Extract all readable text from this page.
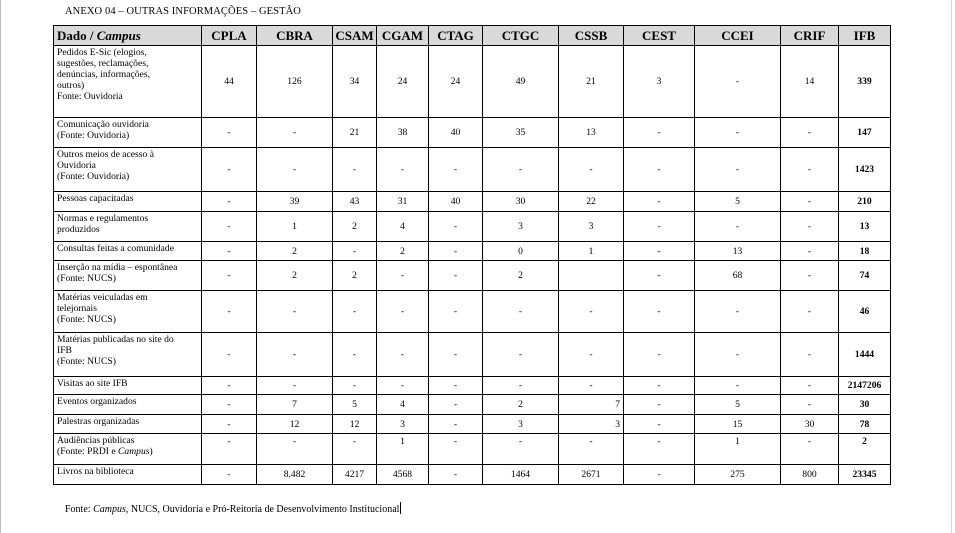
ANEXO 04 – OUTRAS INFORMAÇÕES – GESTÃO
Dado / Campus	CPLA	CBRA	CSAM	CGAM	CTAG	CTGC	CSSB	CEST	CCEI	CRIF	IFB

Pedidos E-Sic (elogios,
sugestões, reclamações,
denúncias, informações,
outros)
Fonte: Ouvidoria	44	126	34	24	24	49	21	3	-	14	339

Comunicação ouvidoria
(Fonte: Ouvidoria)	-	-	21	38	40	35	13	-	-	-	147

Outros meios de acesso à
Ouvidoria
(Fonte: Ouvidoria)	-	-	-	-	-	-	-	-	-	-	1423

Pessoas capacitadas	-	39	43	31	40	30	22	-	5	-	210

Normas e regulamentos
produzidos	-	1	2	4	-	3	3	-	-	-	13

Consultas feitas a comunidade	-	2	-	2	-	0	1	-	13	-	18

Inserção na mídia – espontânea
(Fonte: NUCS)	-	2	2	-	-	2		-	68	-	74

Matérias veiculadas em
telejornais
(Fonte: NUCS)	-	-	-	-	-	-	-	-	-	-	46

Matérias publicadas no site do
IFB
(Fonte: NUCS)	-	-	-	-	-	-	-	-	-	-	1444

Visitas ao site IFB	-	-	-	-	-	-	-	-	-	-	2147206

Eventos organizados	-	7	5	4	-	2	7	-	5	-	30

Palestras organizadas	-	12	12	3	-	3	3	-	15	30	78

Audiências públicas
(Fonte: PRDI e Campus)	-	-	-	1	-	-	-	-	1	-	2

Livros na biblioteca	-	8.482	4217	4568	-	1464	2671	-	275	800	23345
Fonte: Campus, NUCS, Ouvidoria e Pró-Reitoria de Desenvolvimento Institucional
